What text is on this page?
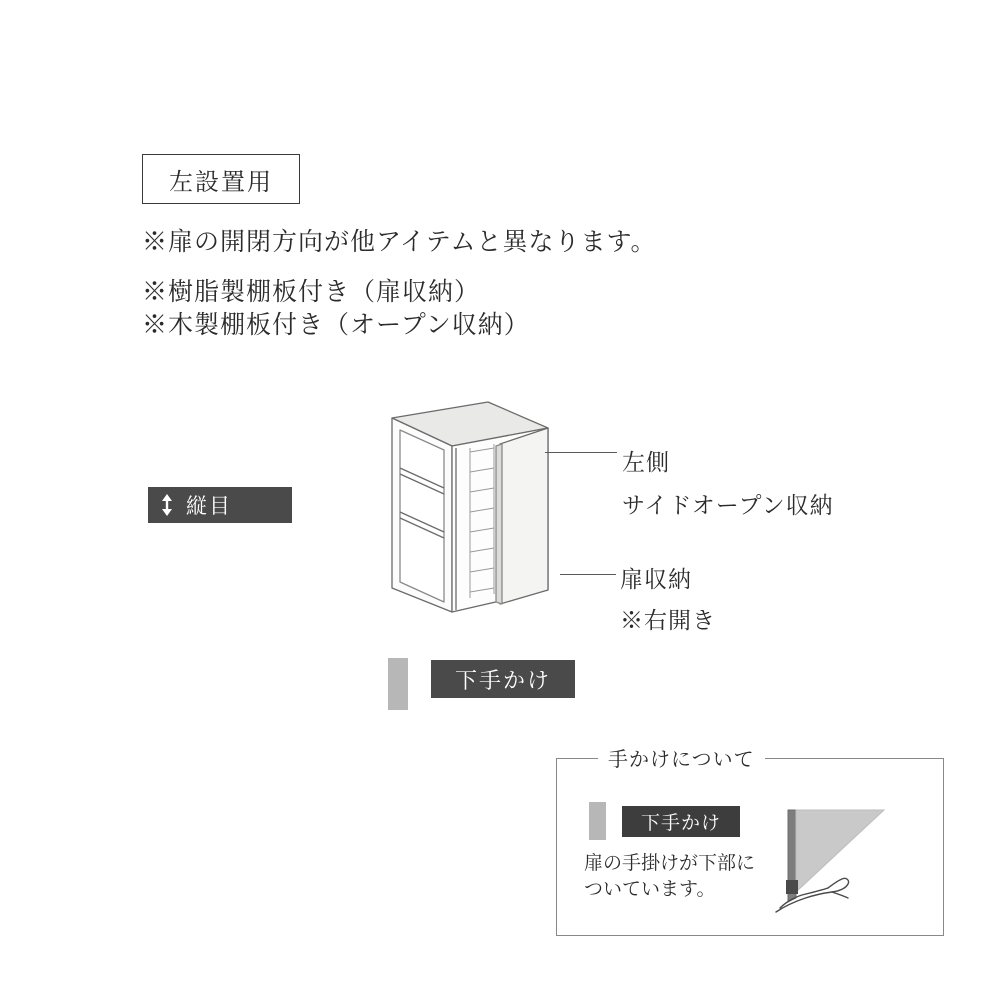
左設置用
※扉の開閉方向が他アイテムと異なります。
※樹脂製棚板付き（扉収納）
※木製棚板付き（オープン収納）
縦目
左側
サイドオープン収納
扉収納
※右開き
下手かけ
手かけについて
下手かけ
扉の手掛けが下部に
ついています。
